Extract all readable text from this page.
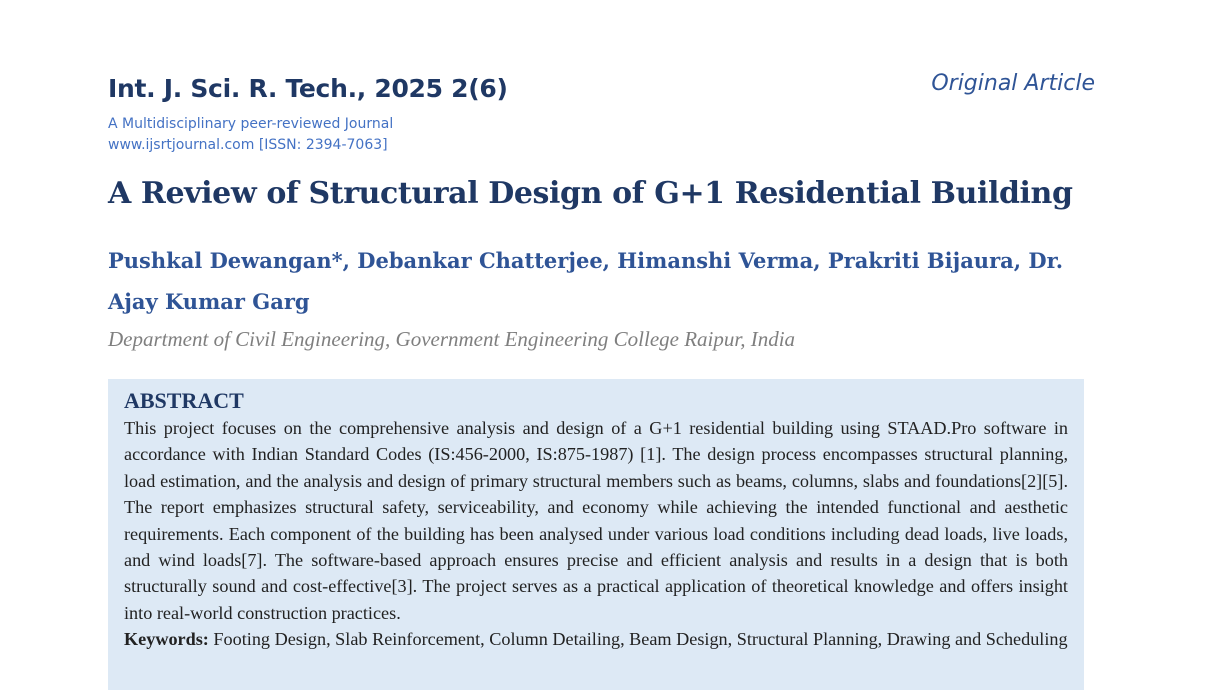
Int. J. Sci. R. Tech., 2025 2(6)	Original Article
A Multidisciplinary peer-reviewed Journal
www.ijsrtjournal.com [ISSN: 2394-7063]
A Review of Structural Design of G+1 Residential Building
Pushkal Dewangan*, Debankar Chatterjee, Himanshi Verma, Prakriti Bijaura, Dr. Ajay Kumar Garg
Department of Civil Engineering, Government Engineering College Raipur, India

ABSTRACT

This project focuses on the comprehensive analysis and design of a G+1 residential building using STAAD.Pro software in accordance with Indian Standard Codes (IS:456-2000, IS:875-1987) [1]. The design process encompasses structural planning, load estimation, and the analysis and design of primary structural members such as beams, columns, slabs and foundations[2][5]. The report emphasizes structural safety, serviceability, and economy while achieving the intended functional and aesthetic requirements. Each component of the building has been analysed under various load conditions including dead loads, live loads, and wind loads[7]. The software-based approach ensures precise and efficient analysis and results in a design that is both structurally sound and cost-effective[3]. The project serves as a practical application of theoretical knowledge and offers insight into real-world construction practices.

Keywords: Footing Design, Slab Reinforcement, Column Detailing, Beam Design, Structural Planning, Drawing and Scheduling
